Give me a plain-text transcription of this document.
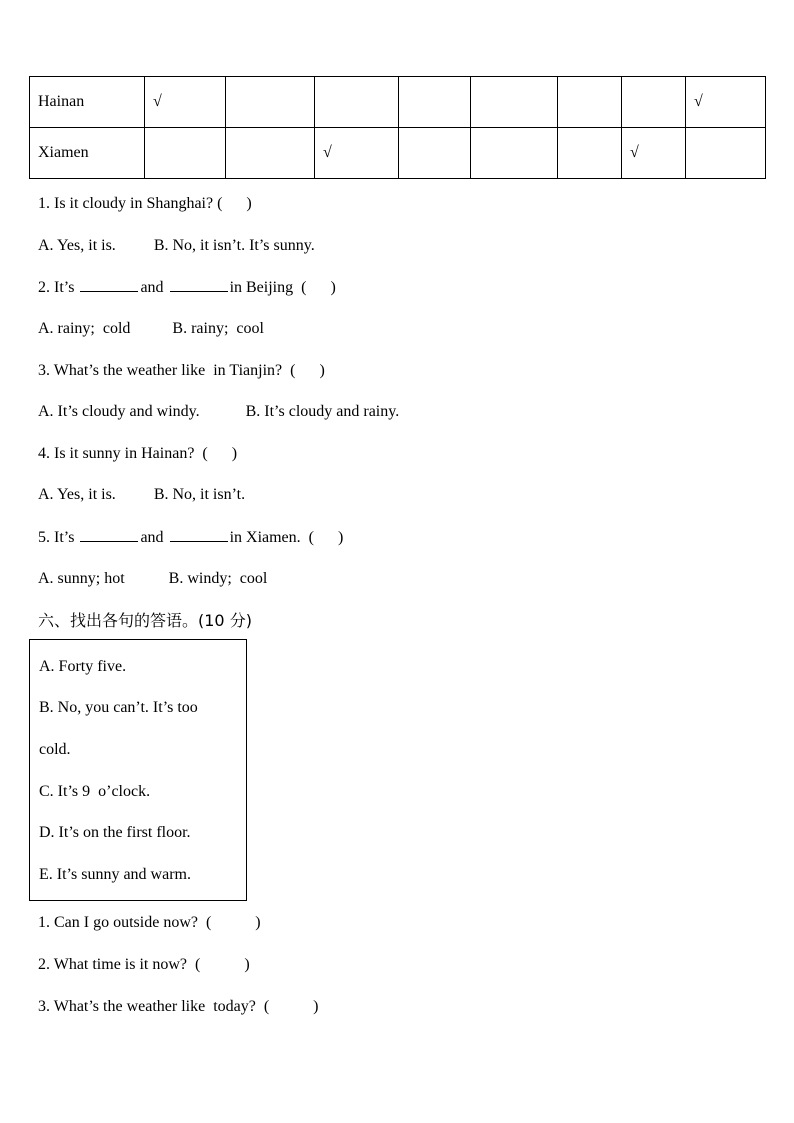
Hainan	√							√
Xiamen			√				√	
1. Is it cloudy in Shanghai? (      )
A. Yes, it is. B. No, it isn’t. It’s sunny.
2. It’s	and	in Beijing  (      )
A. rainy;  cold	B. rainy;  cool
3. What’s the weather like  in Tianjin?  (      )
A. It’s cloudy and windy.	B. It’s cloudy and rainy.
4. Is it sunny in Hainan?  (      )
A. Yes, it is. B. No, it isn’t.
5. It’s	and	in Xiamen.  (      )
A. sunny; hot	B. windy;  cool
六、找出各句的答语。(10 分)
A. Forty five.
B. No, you can’t. It’s too
cold.
C. It’s 9  o’clock.
D. It’s on the first floor.
E. It’s sunny and warm.
1. Can I go outside now?  (           )
2. What time is it now?  (           )
3. What’s the weather like  today?  (           )
